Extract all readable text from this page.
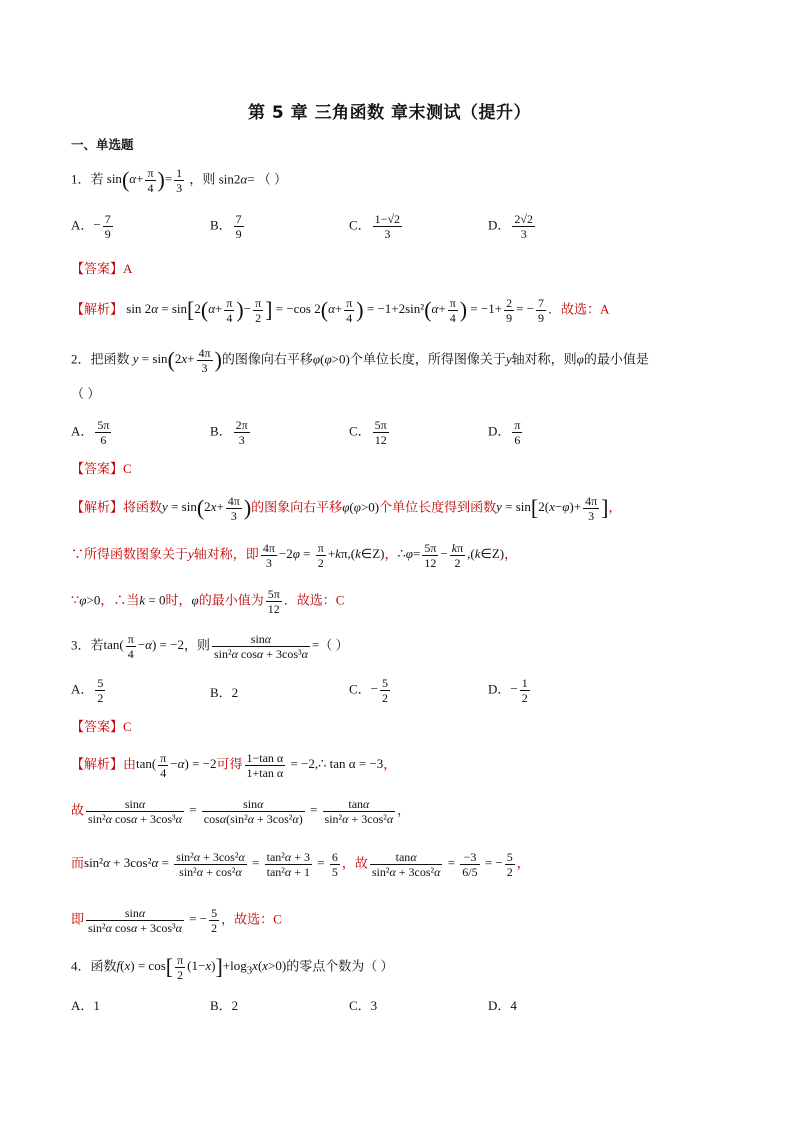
第 5 章 三角函数 章末测试（提升）
一、单选题
1．若 $\sin(\alpha+ \frac{\pi}{4}$ )= $\frac{1}{3}$ ，则 sin2α= （ ）
A．− $\frac{7}{9}$	B． $\frac{7}{9}$	C． $\frac{1-√2}{3}$	D． $\frac{2√2}{3}$
【答案】A
【解析】 $\sin 2\alpha = \sin[2(\alpha+ \frac{\pi}{4}$ )− $\frac{\pi}{2}$ ] = −cos $2(\alpha+ \frac{\pi}{4}$ ) = $-1+2\sin^2(\alpha+ \frac{\pi}{4}$ ) = $-1+ \frac{2}{9}$ = − $\frac{7}{9}$ ．故选：A
2．把函数 $y = \sin(2x+ \frac{4\pi}{3}$ )的图像向右平移φ(φ>0)个单位长度，所得图像关于y轴对称，则φ的最小值是
（ ）
A． $\frac{5\pi}{6}$	B． $\frac{2\pi}{3}$	C． $\frac{5\pi}{12}$	D． $\frac{\pi}{6}$
【答案】C
【解析】将函数$y = \sin(2x+ \frac{4\pi}{3}$ )的图象向右平移φ(φ>0)个单位长度得到函数$y = \sin[2(x-\varphi)+ \frac{4\pi}{3}$ ]，
∵所得函数图象关于y轴对称，即 $\frac{4\pi}{3} -2\varphi = \frac{\pi}{2}$ +kπ,(k∈Z)，∴φ= $\frac{5\pi}{12} - \frac{k\pi}{2}$ ,(k∈Z)，
∵φ>0，∴当k = 0时，φ的最小值为 $\frac{5\pi}{12}$ ．故选：C
3．若$\tan( \frac{\pi}{4} -\alpha) = -2$，则 $\frac{\sin\alpha}{\text{sin²α cosα + 3cos³α}}$ =（ ）
A． $\frac{5}{2}$	B．2	C．− $\frac{5}{2}$	D．− $\frac{1}{2}$
【答案】C
【解析】由$\tan( \frac{\pi}{4} -\alpha) = -2$可得 $\frac{\text{1−tan α}}{\text{1+tan α}}$ = −2,∴ tan α = −3，
故 $\frac{\sin\alpha}{\text{sin²α cosα + 3cos³α}} = \frac{\sin\alpha}{\text{cosα(sin²α + 3cos²α)}} = \frac{\tan\alpha}{\text{sin²α + 3cos²α}}$ ，
而$\sin^2\alpha + 3\cos^2\alpha = \frac{\text{sin²α + 3cos²α}}{\text{sin²α + cos²α}} = \frac{\text{tan²α + 3}}{\text{tan²α + 1}} = \frac{6}{5}$ ，故 $\frac{\tan\alpha}{\text{sin²α + 3cos²α}} = \frac{-3}{6/5}$ = − $\frac{5}{2}$ ，
即 $\frac{\sin\alpha}{\text{sin²α cosα + 3cos³α}}$ = − $\frac{5}{2}$ ，故选：C
4．函数$f(x) = \cos[ \frac{\pi}{2} (1-x)]+\log_3x(x>0)$的零点个数为（ ）
A．1	B．2	C．3	D．4
